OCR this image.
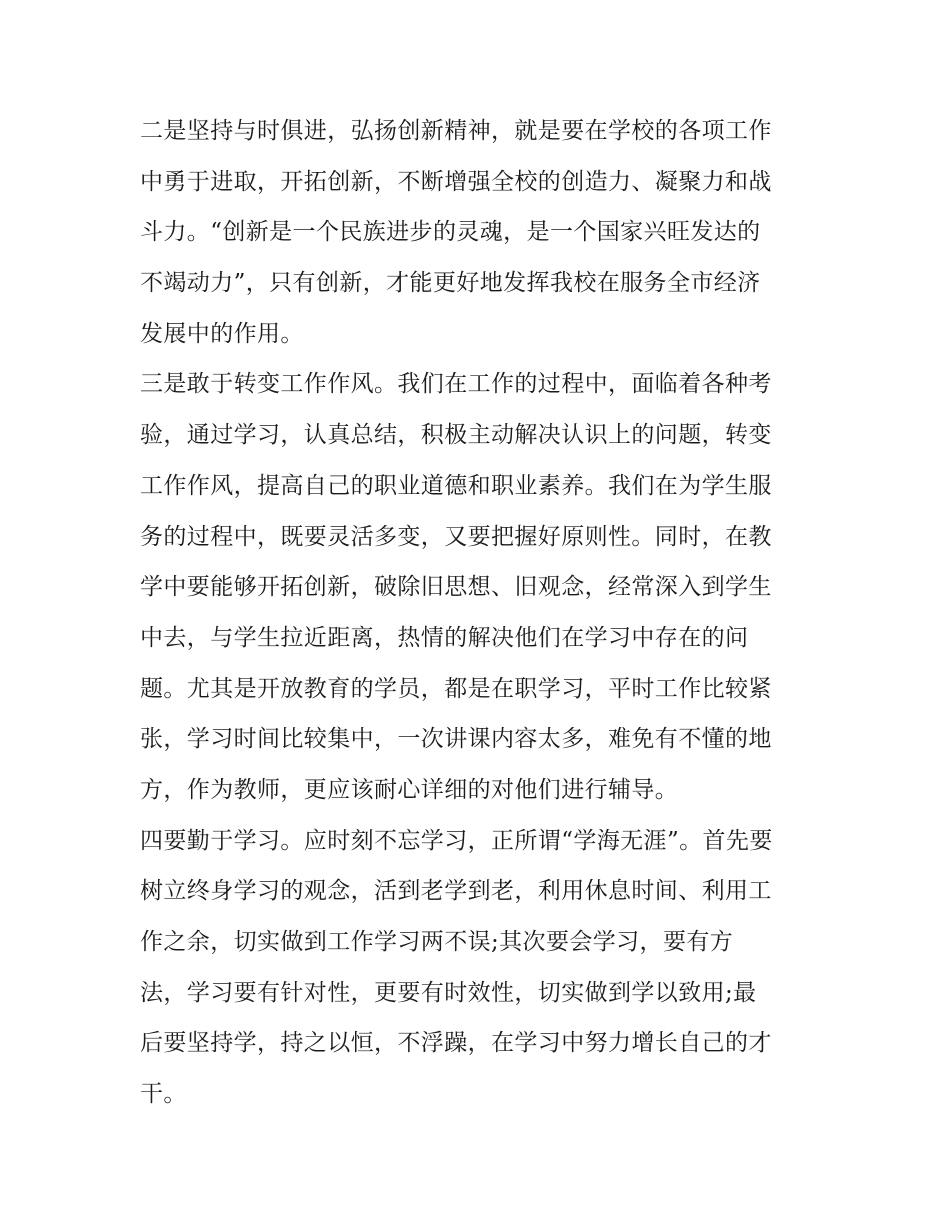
二是坚持与时俱进，弘扬创新精神，就是要在学校的各项工作
中勇于进取，开拓创新，不断增强全校的创造力、凝聚力和战
斗力。“创新是一个民族进步的灵魂，是一个国家兴旺发达的
不竭动力”，只有创新，才能更好地发挥我校在服务全市经济
发展中的作用。
三是敢于转变工作作风。我们在工作的过程中，面临着各种考
验，通过学习，认真总结，积极主动解决认识上的问题，转变
工作作风，提高自己的职业道德和职业素养。我们在为学生服
务的过程中，既要灵活多变，又要把握好原则性。同时，在教
学中要能够开拓创新，破除旧思想、旧观念，经常深入到学生
中去，与学生拉近距离，热情的解决他们在学习中存在的问
题。尤其是开放教育的学员，都是在职学习，平时工作比较紧
张，学习时间比较集中，一次讲课内容太多，难免有不懂的地
方，作为教师，更应该耐心详细的对他们进行辅导。
四要勤于学习。应时刻不忘学习，正所谓“学海无涯”。首先要
树立终身学习的观念，活到老学到老，利用休息时间、利用工
作之余，切实做到工作学习两不误;其次要会学习，要有方
法，学习要有针对性，更要有时效性，切实做到学以致用;最
后要坚持学，持之以恒，不浮躁，在学习中努力增长自己的才
干。
